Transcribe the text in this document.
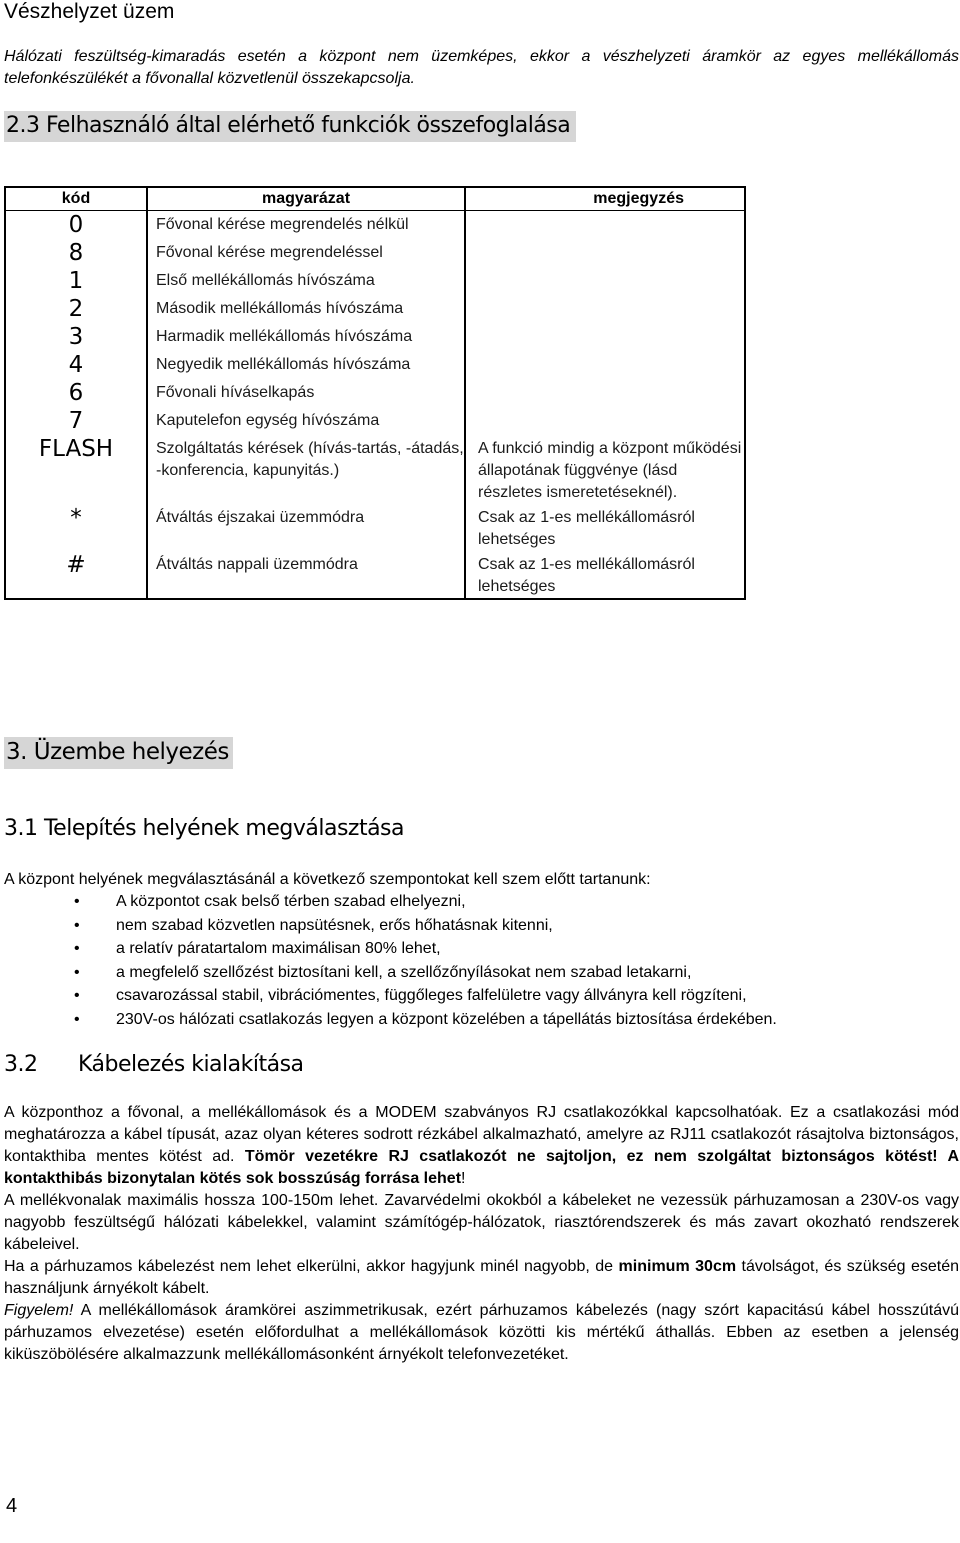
Vészhelyzet üzem

Hálózati feszültség-kimaradás esetén a központ nem üzemképes, ekkor a vészhelyzeti áramkör az egyes mellékállomás telefonkészülékét a fővonallal közvetlenül összekapcsolja.

2.3 Felhasználó által elérhető funkciók összefoglalása
kód	magyarázat	megjegyzés
0	Fővonal kérése megrendelés nélkül	
8	Fővonal kérése megrendeléssel	
1	Első mellékállomás hívószáma	
2	Második mellékállomás hívószáma	
3	Harmadik mellékállomás hívószáma	
4	Negyedik mellékállomás hívószáma	
6	Fővonali híváselkapás	
7	Kaputelefon egység hívószáma	
FLASH	Szolgáltatás kérések (hívás-tartás, -átadás, -konferencia, kapunyitás.)	A funkció mindig a központ működési állapotának függvénye (lásd részletes ismeretetéseknél).
*	Átváltás éjszakai üzemmódra	Csak az 1-es mellékállomásról lehetséges
#	Átváltás nappali üzemmódra	Csak az 1-es mellékállomásról lehetséges
3. Üzembe helyezés
3.1 Telepítés helyének megválasztása

A központ helyének megválasztásánál a következő szempontokat kell szem előtt tartanunk:

• A központot csak belső térben szabad elhelyezni,
• nem szabad közvetlen napsütésnek, erős hőhatásnak kitenni,
• a relatív páratartalom maximálisan 80% lehet,
• a megfelelő szellőzést biztosítani kell, a szellőzőnyílásokat nem szabad letakarni,
• csavarozással stabil, vibrációmentes, függőleges falfelületre vagy állványra kell rögzíteni,
• 230V-os hálózati csatlakozás legyen a központ közelében a tápellátás biztosítása érdekében.
3.2 Kábelezés kialakítása

A központhoz a fővonal, a mellékállomások és a MODEM szabványos RJ csatlakozókkal kapcsolhatóak. Ez a csatlakozási mód meghatározza a kábel típusát, azaz olyan kéteres sodrott rézkábel alkalmazható, amelyre az RJ11 csatlakozót rásajtolva biztonságos, kontakthiba mentes kötést ad. Tömör vezetékre RJ csatlakozót ne sajtoljon, ez nem szolgáltat biztonságos kötést! A kontakthibás bizonytalan kötés sok bosszúság forrása lehet!

A mellékvonalak maximális hossza 100-150m lehet. Zavarvédelmi okokból a kábeleket ne vezessük párhuzamosan a 230V-os vagy nagyobb feszültségű hálózati kábelekkel, valamint számítógép-hálózatok, riasztórendszerek és más zavart okozható rendszerek kábeleivel.

Ha a párhuzamos kábelezést nem lehet elkerülni, akkor hagyjunk minél nagyobb, de minimum 30cm távolságot, és szükség esetén használjunk árnyékolt kábelt.

Figyelem! A mellékállomások áramkörei aszimmetrikusak, ezért párhuzamos kábelezés (nagy szórt kapacitású kábel hosszútávú párhuzamos elvezetése) esetén előfordulhat a mellékállomások közötti kis mértékű áthallás. Ebben az esetben a jelenség kiküszöbölésére alkalmazzunk mellékállomásonként árnyékolt telefonvezetéket.

4
